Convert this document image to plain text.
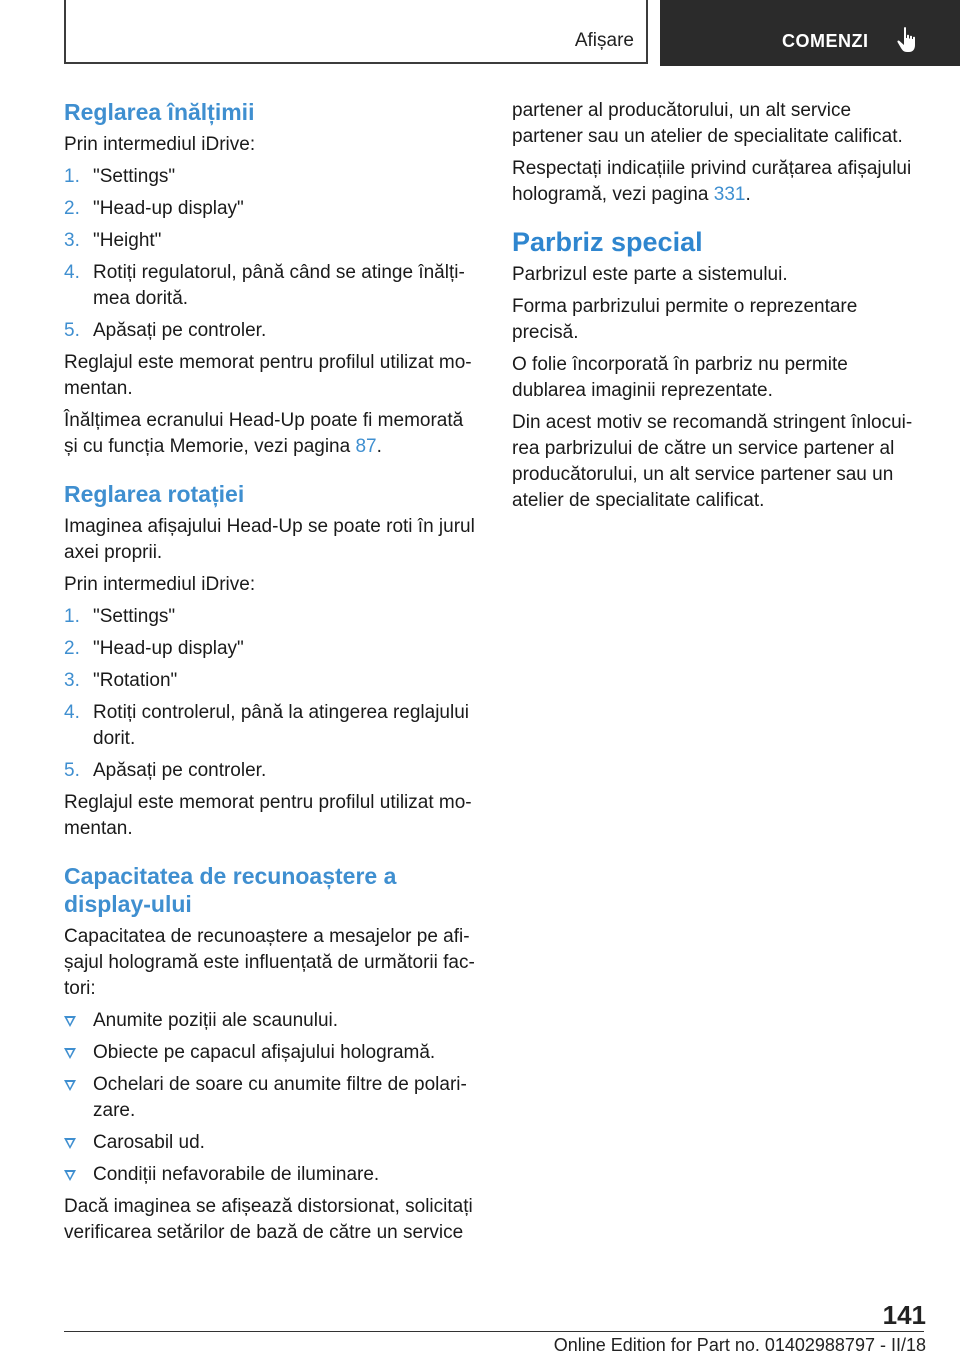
Afișare	COMENZI
Reglarea înălțimii

Prin intermediul iDrive:

1. "Settings"
2. "Head-up display"
3. "Height"
4. Rotiți regulatorul, până când se atinge înălți-mea dorită.
5. Apăsați pe controler.

Reglajul este memorat pentru profilul utilizat mo-mentan.

Înălțimea ecranului Head-Up poate fi memorată și cu funcția Memorie, vezi pagina 87.

Reglarea rotației

Imaginea afișajului Head-Up se poate roti în jurul axei proprii.

Prin intermediul iDrive:

1. "Settings"
2. "Head-up display"
3. "Rotation"
4. Rotiți controlerul, până la atingerea reglajului dorit.
5. Apăsați pe controler.

Reglajul este memorat pentru profilul utilizat mo-mentan.

Capacitatea de recunoaștere a display-ului

Capacitatea de recunoaștere a mesajelor pe afi-șajul hologramă este influențată de următorii fac-tori:

Anumite poziții ale scaunului.
Obiecte pe capacul afișajului hologramă.
Ochelari de soare cu anumite filtre de polari-zare.
Carosabil ud.
Condiții nefavorabile de iluminare.

Dacă imaginea se afișează distorsionat, solicitați verificarea setărilor de bază de către un service

partener al producătorului, un alt service partener sau un atelier de specialitate calificat.

Respectați indicațiile privind curățarea afișajului hologramă, vezi pagina 331.

Parbriz special

Parbrizul este parte a sistemului.

Forma parbrizului permite o reprezentare precisă.

O folie încorporată în parbriz nu permite dublarea imaginii reprezentate.

Din acest motiv se recomandă stringent înlocui-rea parbrizului de către un service partener al producătorului, un alt service partener sau un atelier de specialitate calificat.

141
Online Edition for Part no. 01402988797 - II/18
